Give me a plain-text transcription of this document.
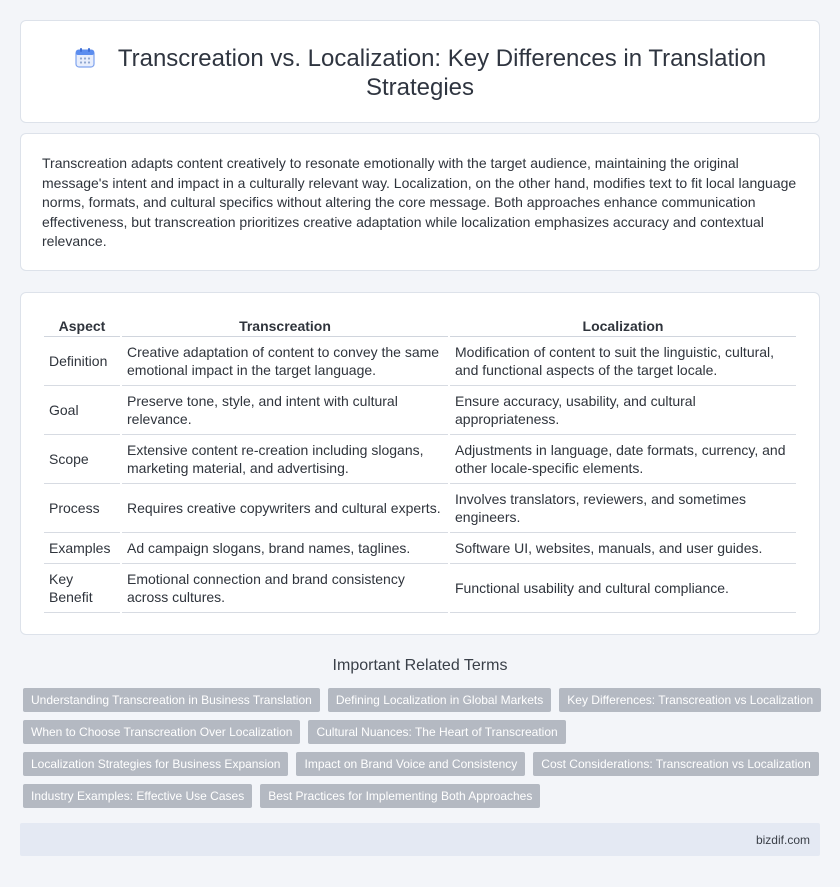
Transcreation vs. Localization: Key Differences in Translation Strategies

Transcreation adapts content creatively to resonate emotionally with the target audience, maintaining the original message's intent and impact in a culturally relevant way. Localization, on the other hand, modifies text to fit local language norms, formats, and cultural specifics without altering the core message. Both approaches enhance communication effectiveness, but transcreation prioritizes creative adaptation while localization emphasizes accuracy and contextual relevance.

Aspect	Transcreation	Localization
Definition	Creative adaptation of content to convey the same emotional impact in the target language.	Modification of content to suit the linguistic, cultural, and functional aspects of the target locale.
Goal	Preserve tone, style, and intent with cultural relevance.	Ensure accuracy, usability, and cultural appropriateness.
Scope	Extensive content re-creation including slogans, marketing material, and advertising.	Adjustments in language, date formats, currency, and other locale-specific elements.
Process	Requires creative copywriters and cultural experts.	Involves translators, reviewers, and sometimes engineers.
Examples	Ad campaign slogans, brand names, taglines.	Software UI, websites, manuals, and user guides.
Key Benefit	Emotional connection and brand consistency across cultures.	Functional usability and cultural compliance.
Important Related Terms
Understanding Transcreation in Business Translation	Defining Localization in Global Markets	Key Differences: Transcreation vs Localization
When to Choose Transcreation Over Localization	Cultural Nuances: The Heart of Transcreation
Localization Strategies for Business Expansion	Impact on Brand Voice and Consistency	Cost Considerations: Transcreation vs Localization
Industry Examples: Effective Use Cases	Best Practices for Implementing Both Approaches
bizdif.com
